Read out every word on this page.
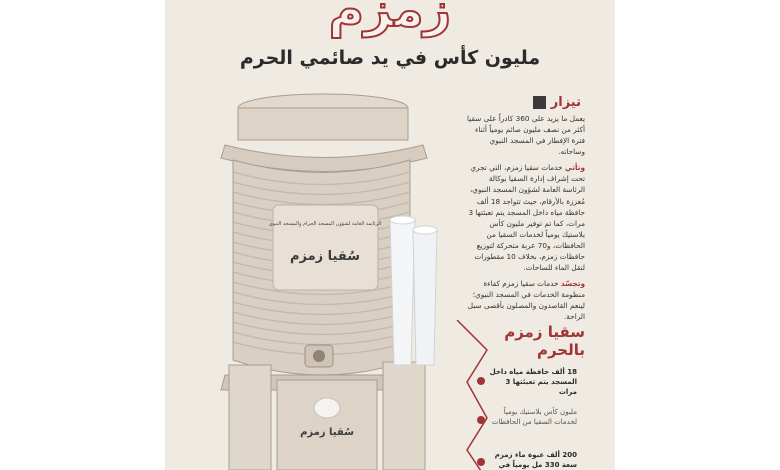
زمزم
مليون كأس في يد صائمي الحرم
سُقيا زمزم
الرئاسة العامة لشؤون المسجد الحرام والمسجد النبوي
سُقيا زمزم
تيزار

يعمل ما يزيد على 360 كادراً على سقيا أكثر من نصف مليون صائم يومياً أثناء فترة الإفطار في المسجد النبوي وساحاته.

وتأتي خدمات سقيا زمزم، التي تجري تحت إشراف إدارة السقيا بوكالة الرئاسة العامة لشؤون المسجد النبوي، مُعززة بالأرقام، حيث تتواجد 18 ألف حافظة مياه داخل المسجد يتم تعبئتها 3 مرات، كما تم توفير مليون كأس بلاستيك يومياً لخدمات السقيا من الحافظات، و70 عربة متحركة لتوزيع حافظات زمزم، بخلاف 10 مقطورات لنقل الماء للساحات.

وتجسّد خدمات سقيا زمزم كفاءة منظومة الخدمات في المسجد النبوي؛ لينعم القاصدون والمصلون بأقصى سبل الراحة.

سقيا زمزم بالحرم
18 ألف حافظة مياه داخل المسجد يتم تعبئتها 3 مرات
مليون كأس بلاستيك يومياً لخدمات السقيا من الحافظات
200 ألف عبوة ماء زمزم سعة 330 مل يومياً في
